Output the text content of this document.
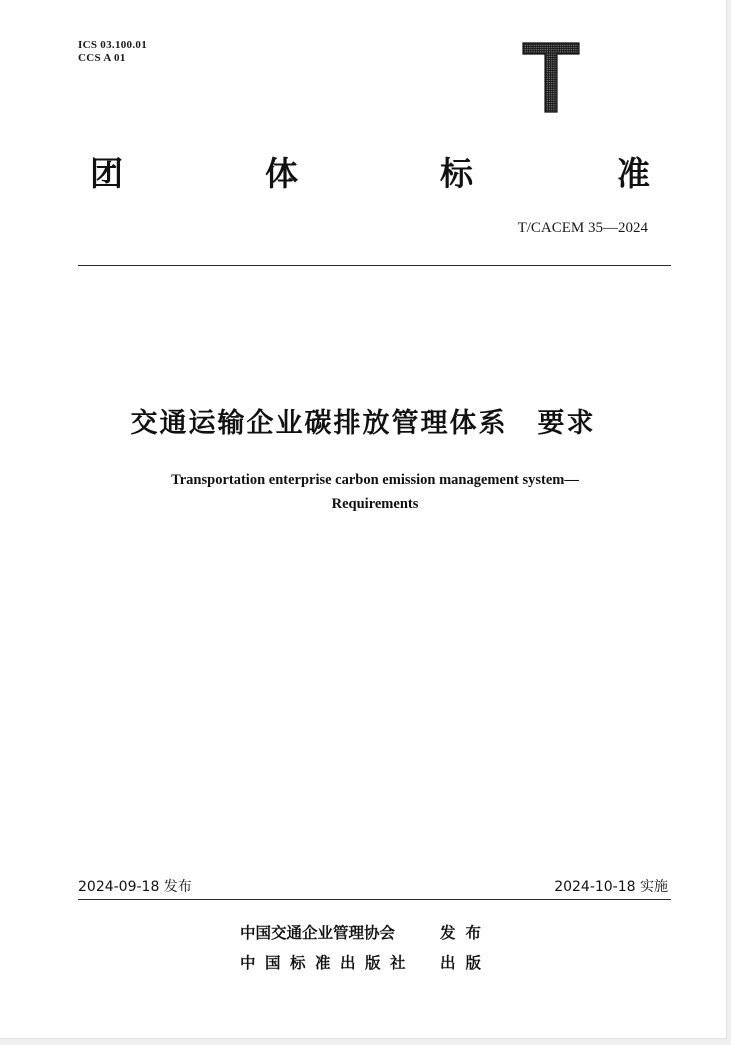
ICS 03.100.01
CCS A 01
团	体	标	准
T/CACEM 35—2024
交通运输企业碳排放管理体系 要求
Transportation enterprise carbon emission management system—
Requirements
2024-09-18 发布	2024-10-18 实施
中国交通企业管理协会	发布
中国标准出版社 出版
